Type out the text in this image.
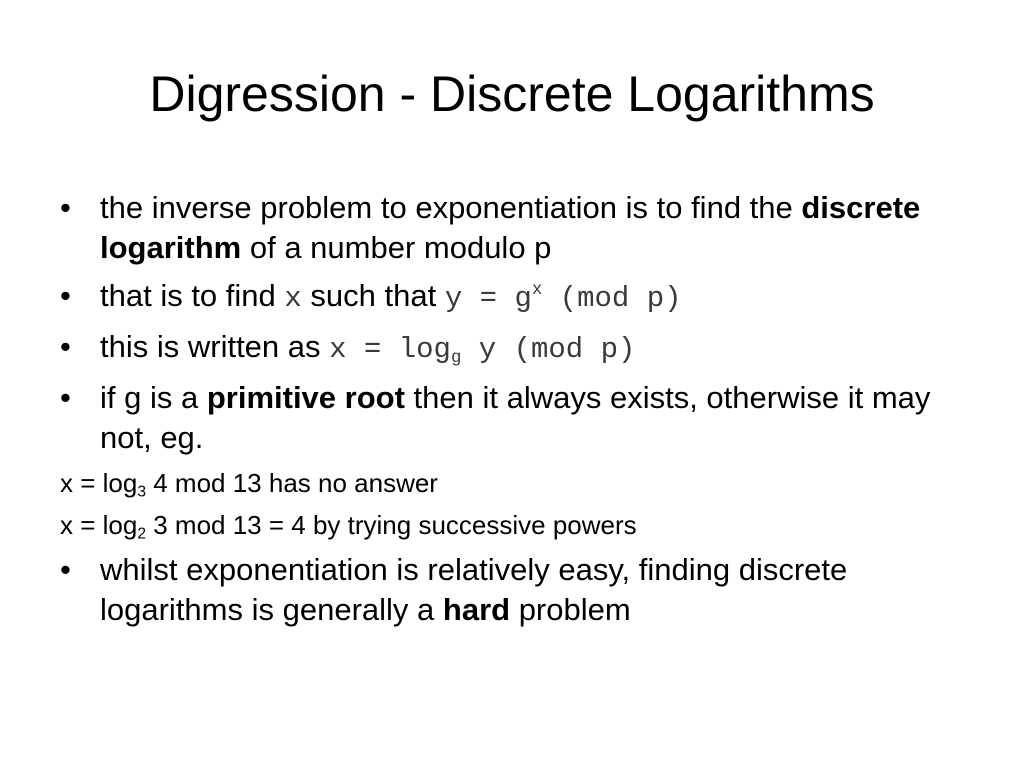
Digression - Discrete Logarithms
• the inverse problem to exponentiation is to find the discrete logarithm of a number modulo p
• that is to find x such that $y = g^x$ (mod p)
• this is written as $x = \log_g y$ (mod p)
• if g is a primitive root then it always exists, otherwise it may not, eg.
$x = \log_3 4$ mod 13 has no answer
$x = \log_2 3$ mod 13 = 4 by trying successive powers
• whilst exponentiation is relatively easy, finding discrete logarithms is generally a hard problem
